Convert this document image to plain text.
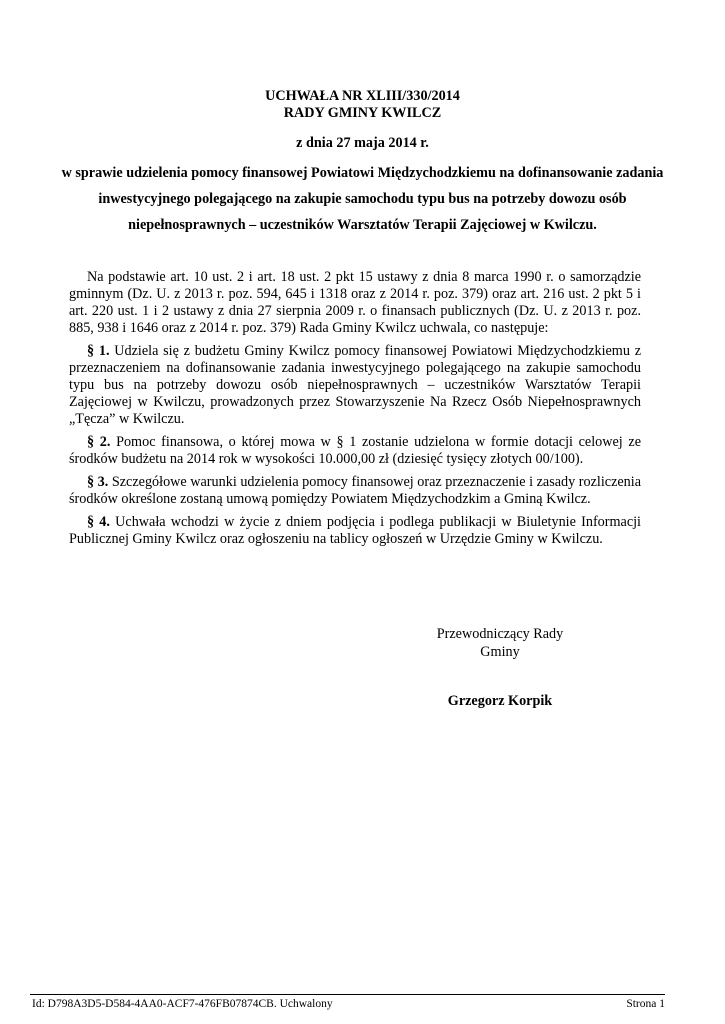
UCHWAŁA NR XLIII/330/2014
RADY GMINY KWILCZ
z dnia 27 maja 2014 r.
w sprawie udzielenia pomocy finansowej Powiatowi Międzychodzkiemu na dofinansowanie zadania inwestycyjnego polegającego na zakupie samochodu typu bus na potrzeby dowozu osób niepełnosprawnych – uczestników Warsztatów Terapii Zajęciowej w Kwilczu.

Na podstawie art. 10 ust. 2 i art. 18 ust. 2 pkt 15 ustawy z dnia 8 marca 1990 r. o samorządzie gminnym (Dz. U. z 2013 r. poz. 594, 645 i 1318 oraz z 2014 r. poz. 379) oraz art. 216 ust. 2 pkt 5 i art. 220 ust. 1 i 2 ustawy z dnia 27 sierpnia 2009 r. o finansach publicznych (Dz. U. z 2013 r. poz. 885, 938 i 1646 oraz z 2014 r. poz. 379) Rada Gminy Kwilcz uchwala, co następuje:

§ 1. Udziela się z budżetu Gminy Kwilcz pomocy finansowej Powiatowi Międzychodzkiemu z przeznaczeniem na dofinansowanie zadania inwestycyjnego polegającego na zakupie samochodu typu bus na potrzeby dowozu osób niepełnosprawnych – uczestników Warsztatów Terapii Zajęciowej w Kwilczu, prowadzonych przez Stowarzyszenie Na Rzecz Osób Niepełnosprawnych „Tęcza” w Kwilczu.

§ 2. Pomoc finansowa, o której mowa w § 1 zostanie udzielona w formie dotacji celowej ze środków budżetu na 2014 rok w wysokości 10.000,00 zł (dziesięć tysięcy złotych 00/100).

§ 3. Szczegółowe warunki udzielenia pomocy finansowej oraz przeznaczenie i zasady rozliczenia środków określone zostaną umową pomiędzy Powiatem Międzychodzkim a Gminą Kwilcz.

§ 4. Uchwała wchodzi w życie z dniem podjęcia i podlega publikacji w Biuletynie Informacji Publicznej Gminy Kwilcz oraz ogłoszeniu na tablicy ogłoszeń w Urzędzie Gminy w Kwilczu.

Przewodniczący Rady
Gminy
Grzegorz Korpik
Id: D798A3D5-D584-4AA0-ACF7-476FB07874CB. Uchwalony	Strona 1
